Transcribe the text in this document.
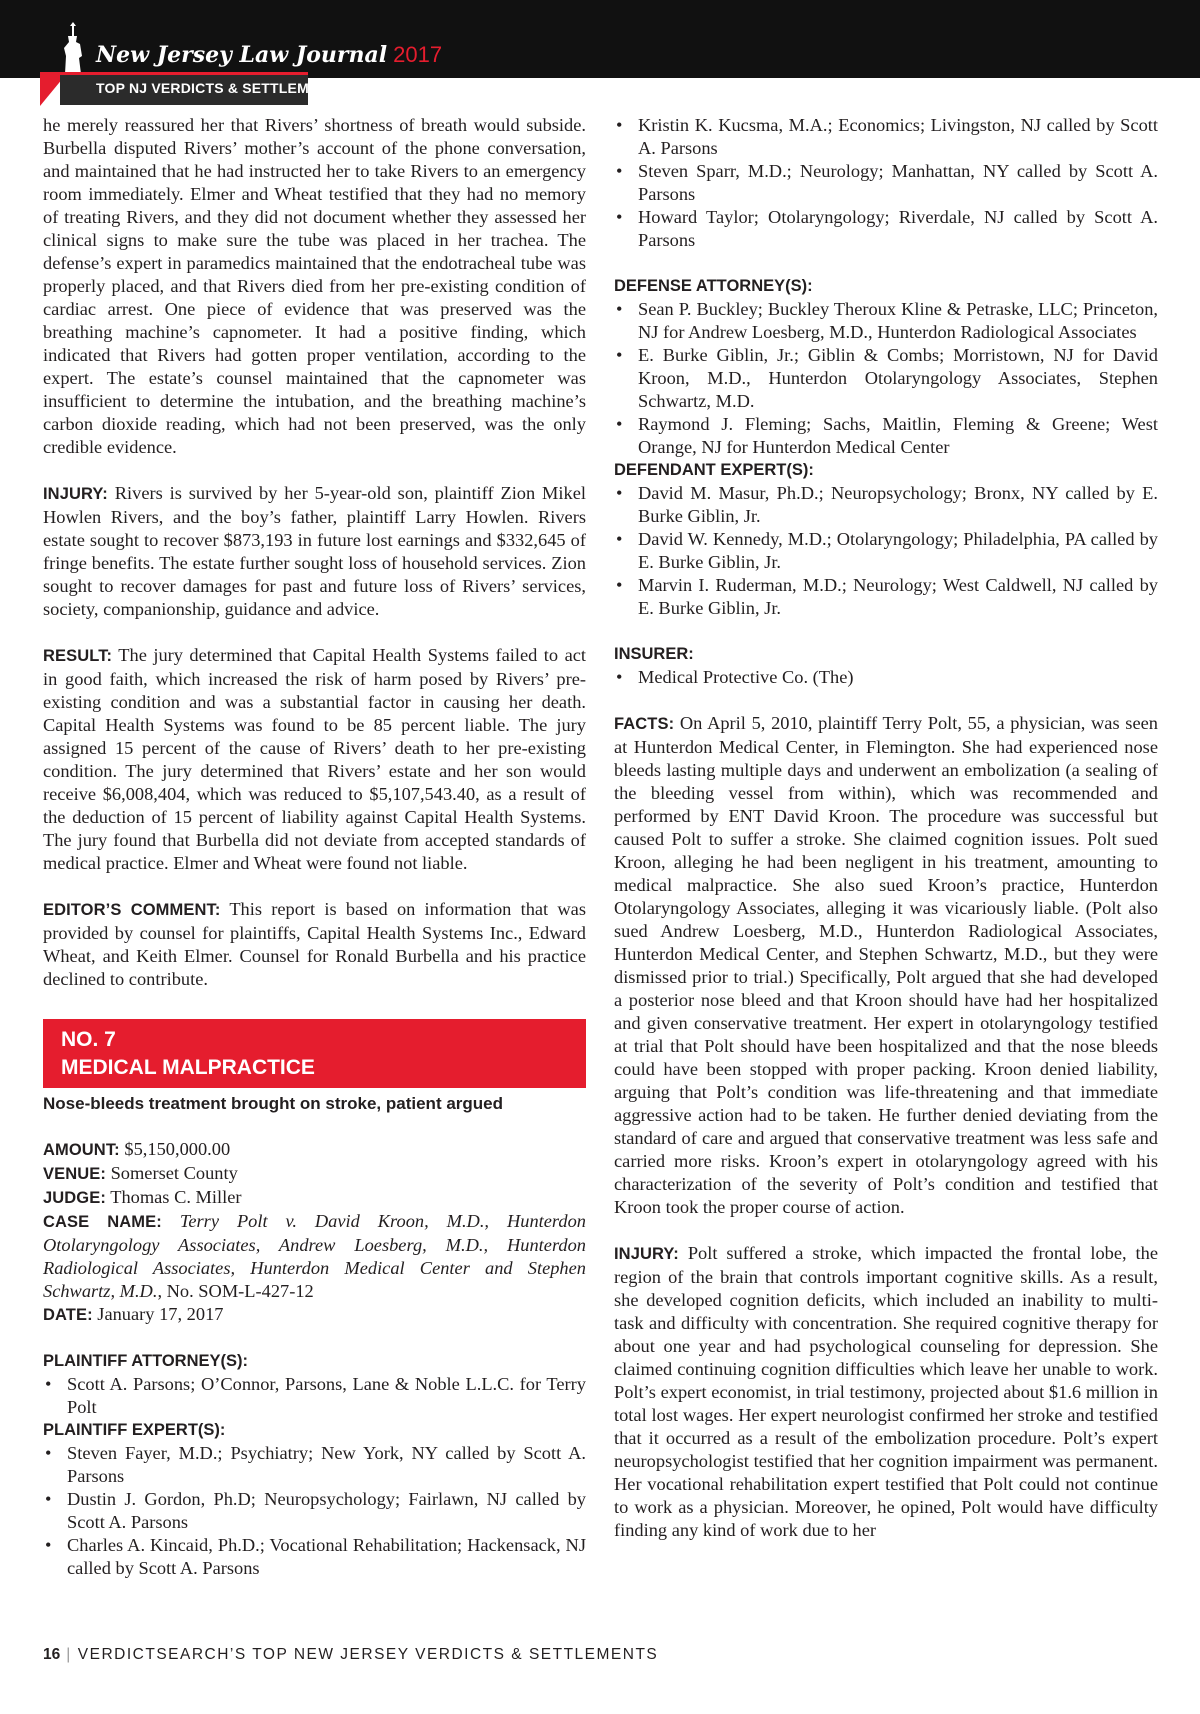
New Jersey Law Journal 2017
TOP NJ VERDICTS & SETTLEMENTS

he merely reassured her that Rivers’ shortness of breath would subside. Burbella disputed Rivers’ mother’s account of the phone conversation, and maintained that he had instructed her to take Rivers to an emergency room immediately. Elmer and Wheat testified that they had no memory of treating Rivers, and they did not document whether they assessed her clinical signs to make sure the tube was placed in her trachea. The defense’s expert in paramedics maintained that the endotracheal tube was properly placed, and that Rivers died from her pre-existing condition of cardiac arrest. One piece of evidence that was preserved was the breathing machine’s capnometer. It had a positive finding, which indicated that Rivers had gotten proper ventilation, according to the expert. The estate’s counsel maintained that the capnometer was insufficient to determine the intubation, and the breathing machine’s carbon dioxide reading, which had not been preserved, was the only credible evidence.

INJURY: Rivers is survived by her 5-year-old son, plaintiff Zion Mikel Howlen Rivers, and the boy’s father, plaintiff Larry Howlen. Rivers estate sought to recover $873,193 in future lost earnings and $332,645 of fringe benefits. The estate further sought loss of household services. Zion sought to recover damages for past and future loss of Rivers’ services, society, companionship, guidance and advice.

RESULT: The jury determined that Capital Health Systems failed to act in good faith, which increased the risk of harm posed by Rivers’ pre-existing condition and was a substantial factor in causing her death. Capital Health Systems was found to be 85 percent liable. The jury assigned 15 percent of the cause of Rivers’ death to her pre-existing condition. The jury determined that Rivers’ estate and her son would receive $6,008,404, which was reduced to $5,107,543.40, as a result of the deduction of 15 percent of liability against Capital Health Systems. The jury found that Burbella did not deviate from accepted standards of medical practice. Elmer and Wheat were found not liable.

EDITOR’S COMMENT: This report is based on information that was provided by counsel for plaintiffs, Capital Health Systems Inc., Edward Wheat, and Keith Elmer. Counsel for Ronald Burbella and his practice declined to contribute.

NO. 7
MEDICAL MALPRACTICE
Nose-bleeds treatment brought on stroke, patient argued

AMOUNT: $5,150,000.00

VENUE: Somerset County

JUDGE: Thomas C. Miller

CASE NAME: Terry Polt v. David Kroon, M.D., Hunterdon Otolaryngology Associates, Andrew Loesberg, M.D., Hunterdon Radiological Associates, Hunterdon Medical Center and Stephen Schwartz, M.D., No. SOM-L-427-12

DATE: January 17, 2017

PLAINTIFF ATTORNEY(S):
• Scott A. Parsons; O’Connor, Parsons, Lane & Noble L.L.C. for Terry Polt
PLAINTIFF EXPERT(S):
• Steven Fayer, M.D.; Psychiatry; New York, NY called by Scott A. Parsons
• Dustin J. Gordon, Ph.D; Neuropsychology; Fairlawn, NJ called by Scott A. Parsons
• Charles A. Kincaid, Ph.D.; Vocational Rehabilitation; Hackensack, NJ called by Scott A. Parsons
• Kristin K. Kucsma, M.A.; Economics; Livingston, NJ called by Scott A. Parsons
• Steven Sparr, M.D.; Neurology; Manhattan, NY called by Scott A. Parsons
• Howard Taylor; Otolaryngology; Riverdale, NJ called by Scott A. Parsons
DEFENSE ATTORNEY(S):
• Sean P. Buckley; Buckley Theroux Kline & Petraske, LLC; Princeton, NJ for Andrew Loesberg, M.D., Hunterdon Radiological Associates
• E. Burke Giblin, Jr.; Giblin & Combs; Morristown, NJ for David Kroon, M.D., Hunterdon Otolaryngology Associates, Stephen Schwartz, M.D.
• Raymond J. Fleming; Sachs, Maitlin, Fleming & Greene; West Orange, NJ for Hunterdon Medical Center
DEFENDANT EXPERT(S):
• David M. Masur, Ph.D.; Neuropsychology; Bronx, NY called by E. Burke Giblin, Jr.
• David W. Kennedy, M.D.; Otolaryngology; Philadelphia, PA called by E. Burke Giblin, Jr.
• Marvin I. Ruderman, M.D.; Neurology; West Caldwell, NJ called by E. Burke Giblin, Jr.
INSURER:
• Medical Protective Co. (The)

FACTS: On April 5, 2010, plaintiff Terry Polt, 55, a physician, was seen at Hunterdon Medical Center, in Flemington. She had experienced nose bleeds lasting multiple days and underwent an embolization (a sealing of the bleeding vessel from within), which was recommended and performed by ENT David Kroon. The procedure was successful but caused Polt to suffer a stroke. She claimed cognition issues. Polt sued Kroon, alleging he had been negligent in his treatment, amounting to medical malpractice. She also sued Kroon’s practice, Hunterdon Otolaryngology Associates, alleging it was vicariously liable. (Polt also sued Andrew Loesberg, M.D., Hunterdon Radiological Associates, Hunterdon Medical Center, and Stephen Schwartz, M.D., but they were dismissed prior to trial.) Specifically, Polt argued that she had developed a posterior nose bleed and that Kroon should have had her hospitalized and given conservative treatment. Her expert in otolaryngology testified at trial that Polt should have been hospitalized and that the nose bleeds could have been stopped with proper packing. Kroon denied liability, arguing that Polt’s condition was life-threatening and that immediate aggressive action had to be taken. He further denied deviating from the standard of care and argued that conservative treatment was less safe and carried more risks. Kroon’s expert in otolaryngology agreed with his characterization of the severity of Polt’s condition and testified that Kroon took the proper course of action.

INJURY: Polt suffered a stroke, which impacted the frontal lobe, the region of the brain that controls important cognitive skills. As a result, she developed cognition deficits, which included an inability to multi-task and difficulty with concentration. She required cognitive therapy for about one year and had psychological counseling for depression. She claimed continuing cognition difficulties which leave her unable to work. Polt’s expert economist, in trial testimony, projected about $1.6 million in total lost wages. Her expert neurologist confirmed her stroke and testified that it occurred as a result of the embolization procedure. Polt’s expert neuropsychologist testified that her cognition impairment was permanent. Her vocational rehabilitation expert testified that Polt could not continue to work as a physician. Moreover, he opined, Polt would have difficulty finding any kind of work due to her

16 | VERDICTSEARCH’S TOP NEW JERSEY VERDICTS & SETTLEMENTS
